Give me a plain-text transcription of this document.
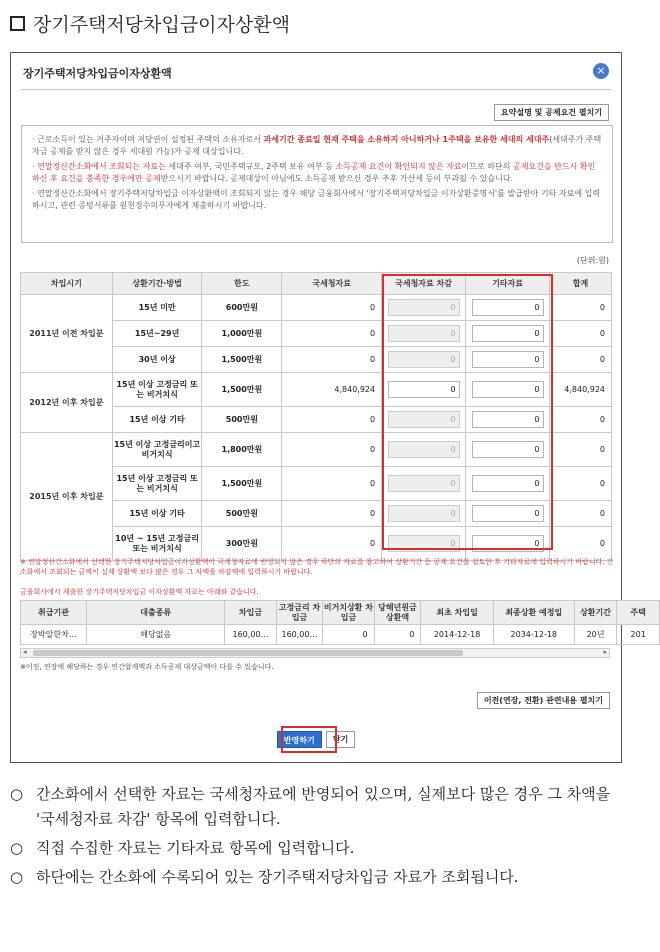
장기주택저당차입금이자상환액
장기주택저당차입금이자상환액	×
요약설명 및 공제요건 펼치기

· 근로소득이 있는 거주자이며 저당권이 설정된 주택의 소유자로서 과세기간 종료일 현재 주택을 소유하지 아니하거나 1주택을 보유한 세대의 세대주(세대주가 주택자금 공제를 받지 않은 경우 세대원 가능)가 공제 대상입니다.

· 연말정산간소화에서 조회되는 자료는 세대주 여부, 국민주택규모, 2주택 보유 여부 등 소득공제 요건이 확인되지 않은 자료이므로 하단의 공제요건을 반드시 확인하신 후 요건을 충족한 경우에만 공제받으시기 바랍니다. 공제대상이 아님에도 소득공제 받으신 경우 추후 가산세 등이 부과될 수 있습니다.

· 연말정산간소화에서 장기주택저당차입금 이자상환액이 조회되지 않는 경우 해당 금융회사에서 '장기주택저당차입금 이자상환증명서'를 발급받아 기타 자료에 입력하시고, 관련 증빙서류를 원천징수의무자에게 제출하시기 바랍니다.

(단위:원)
차입시기	상환기간·방법	한도	국세청자료	국세청자료 차감	기타자료	합계
2011년 이전 차입분	15년 미만	600만원	0	0	0	0
	15년~29년	1,000만원	0	0	0	0
	30년 이상	1,500만원	0	0	0	0
2012년 이후 차입분	15년 이상 고정금리 또는 비거치식	1,500만원	4,840,924	0	0	4,840,924
	15년 이상 기타	500만원	0	0	0	0
2015년 이후 차입분	15년 이상 고정금리이고 비거치식	1,800만원	0	0	0	0
	15년 이상 고정금리 또는 비거치식	1,500만원	0	0	0	0
	15년 이상 기타	500만원	0	0	0	0
	10년 ~ 15년 고정금리 또는 비거치식	300만원	0	0	0	0
※ 연말정산간소화에서 선택한 장기주택저당차입금이자상환액이 국세청자료에 반영되지 않은 경우 하단의 자료를 참고하여 상환기간 등 공제 요건을 검토한 후 기타자료에 입력하시기 바랍니다. 간소화에서 조회되는 금액이 실제 상환액 보다 많은 경우 그 차액을 차감액에 입력하시기 바랍니다.
금융회사에서 제출한 장기주택저당차입금 이자상환액 자료는 아래와 같습니다.
취급기관	대출종류	차입금	고정금리 차입금	비거치상환 차입금	당해년원금 상환액	최초 차입일	최종상환 예정일	상환기간	주택
장박알한차…	해당없음	160,00…	160,00…	0	0	2014-12-18	2034-12-18	20년	201
◂	▸
※이전, 연장에 해당하는 경우 연간합계액과 소득공제 대상금액이 다를 수 있습니다.
이전(연장, 전환) 관련내용 펼치기
반영하기	닫기
○ 간소화에서 선택한 자료는 국세청자료에 반영되어 있으며, 실제보다 많은 경우 그 차액을 '국세청자료 차감' 항목에 입력합니다.
○ 직접 수집한 자료는 기타자료 항목에 입력합니다.
○ 하단에는 간소화에 수록되어 있는 장기주택저당차입금 자료가 조회됩니다.
